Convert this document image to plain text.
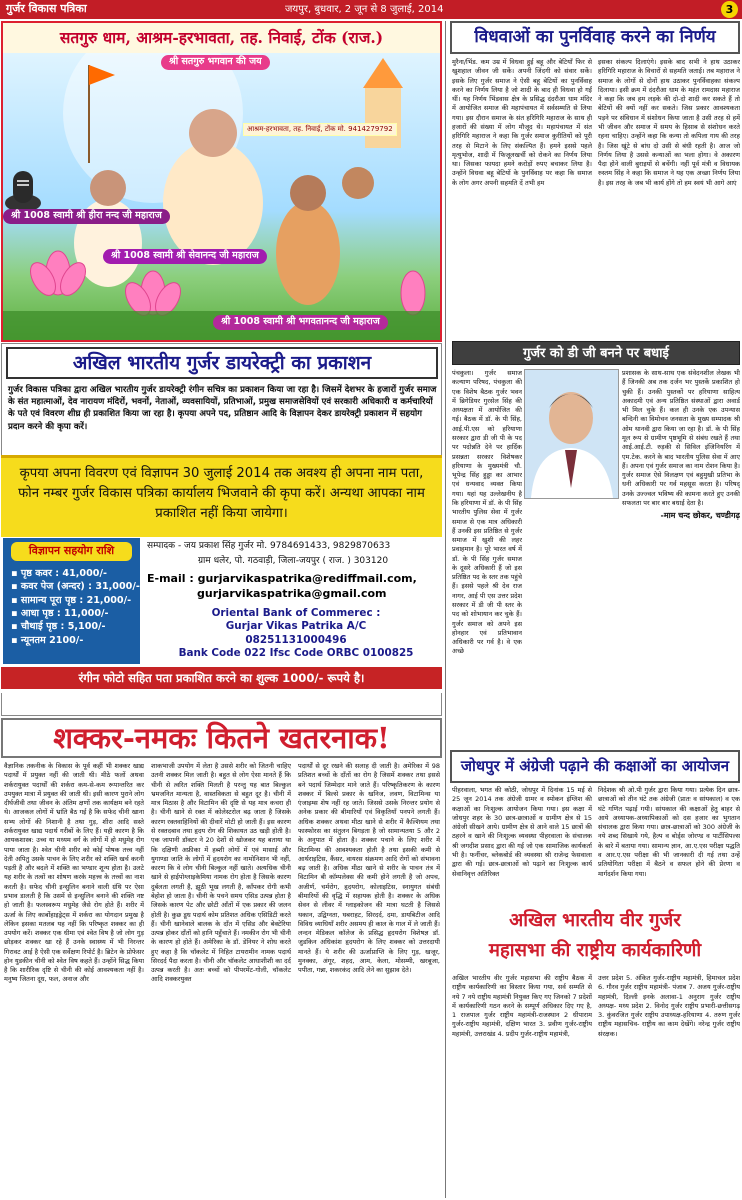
गुर्जर विकास पत्रिका	जयपुर, बुधवार, 2 जून से 8 जुलाई, 2014	3
सतगुरु धाम, आश्रम-हरभावता, तह. निवाई, टोंक (राज.)
श्री सतगुरु भगवान की जय
आश्रम-हरभावता, तह. निवाई, टोंक मो. 9414279792
श्री 1008 स्वामी श्री हीरा नन्द जी महाराज
श्री 1008 स्वामी श्री सेवानन्द जी महाराज
श्री 1008 स्वामी श्री भगवतानन्द जी महाराज
अखिल भारतीय गुर्जर डायरेक्ट्री का प्रकाशन
गुर्जर विकास पत्रिका द्वारा अखिल भारतीय गुर्जर डायरेक्ट्री रंगीन सचित्र का प्रकाशन किया जा रहा है। जिसमें देशभर के हजारों गुर्जर समाज के संत महात्माओं, देव नारायण मंदिरों, भवनों, नेताओं, व्यवसायियों, प्रतिभाओं, प्रमुख समाजसेवियों एवं सरकारी अधिकारी व कर्मचारियों के पते एवं विवरण शीघ्र ही प्रकाशित किया जा रहा है। कृपया अपने पद, प्रतिष्ठान आदि के विज्ञापन देकर डायरेक्ट्री प्रकाशन में सहयोग प्रदान करने की कृपा करें।
कृपया अपना विवरण एवं विज्ञापन 30 जुलाई 2014 तक अवश्य ही अपना नाम पता, फोन नम्बर गुर्जर विकास पत्रिका कार्यालय भिजवाने की कृपा करें। अन्यथा आपका नाम प्रकाशित नहीं किया जायेगा।
विज्ञापन सहयोग राशि
▪ पृष्ठ कवर : 41,000/-
▪ कवर पेज (अन्दर) : 31,000/-
▪ सामान्य पूरा पृष्ठ : 21,000/-
▪ आधा पृष्ठ : 11,000/-
▪ चौथाई पृष्ठ : 5,100/-
▪ न्यूनतम 2100/-
सम्पादक - जय प्रकाश सिंह गुर्जर मो. 9784691433, 9829870633
ग्राम धलेर, पो. गठवाड़ी, जिला-जयपुर ( राज. ) 303120
E-mail : gurjarvikaspatrika@rediffmail.com,
gurjarvikaspatrika@gmail.com
Oriental Bank of Commerec :
Gurjar Vikas Patrika A/C 08251131000496
Bank Code 022 Ifsc Code ORBC 0100825
रंगीन फोटो सहित पता प्रकाशित करने का शुल्क 1000/- रूपये है।
शक्कर-नमकः कितने खतरनाक!
वैज्ञानिक तकनीक के विकास के पूर्व कहीं भी शक्कर खाद्य पदार्थों में प्रयुक्त नहीं की जाती थी। मीठे फलों अथवा शर्करायुक्त पदार्थों की शर्करा कम-से-कम रूपान्तरित कर उपयुक्त मात्रा में प्रयुक्त की जाती थी। इसी कारण पुराने लोग दीर्घजीवी तथा जीवन के अंतिम क्षणों तक कार्यक्षम बने रहते थे। आजकल लोगों में भ्रांति बैठ गई है कि सफेद चीनी खाना सभ्य लोगों की निशानी है तथा गुड़, शीरा आदि सस्ते शर्करायुक्त खाद्य पदार्थ गरीबों के लिए हैं। यही कारण है कि आयकशास्त्र: उच्च या मध्यम वर्ग के लोगों में हो मधुमेह रोग पाया जाता है। श्वेत चीनी शरीर को कोई पोषक तत्त्व नहीं देती अपितु उसके पाचन के लिए शरीर को शक्ति खर्च करनी पड़ती है और बदले में शक्ति का भण्डार शून्य होता है। उलटे यह शरीर के तत्वों का शोषण करके महत्त्व के तत्त्वों का नाश करती है। सफेद चीनी इन्सुलिन बनाने वाली ग्रंथि पर ऐसा प्रभाव डालती है कि उसमें से इन्सुलिन बनाने की शक्ति नष्ट हो जाती है। फलस्वरूप मधुमेह जैसे रोग होते हैं। शरीर में ऊर्जा के लिए कार्बोहाइड्रेट्स में शर्करा का योगदान प्रमुख है लेकिन इसका मतलब यह नहीं कि परिष्कृत शक्कर का ही उपयोग करें। शक्कर एक धीमा एवं श्वेत विष है जो लोग गुड़ छोड़कर शक्कर खा रहे हैं उनके स्वास्थ्य में भी निरन्तर गिरावट आई है ऐसी एक सर्वेक्षण रिपोर्ट है। ब्रिटेन के प्रोफेसर होन युडकीन चीनी को श्वेत विष कहते हैं। उन्होंने सिद्ध किया है कि शारीरिक दृष्टि से चीनी की कोई आवश्यकता नहीं है। मनुष्य जितना दूध, फल, अनाज और
शाकभाजी उपयोग में लेता है उससे शरीर को जितनी चाहिए उतनी शक्कर मिल जाती है। बहुत से लोग ऐसा मानते हैं कि चीनी से त्वरित शक्ति मिलती है परन्तु यह बात बिल्कुल भ्रमजनित मान्यता है, वास्तविकता से बहुत दूर है। चीनी में मात्र मिठास है और विटामिन की दृष्टि से यह मात्र कचरा ही है। चीनी खाने से रक्त में कोलेस्टरोल बढ़ जाता है जिसके कारण रक्तवाहिनियों की दीवारें मोटी हो जाती हैं। इस कारण से रक्तदबाव तथा हृदय रोग की शिकायत उठ खड़ी होती है। एक जापानी डॉक्टर ने 20 देशों से खोजकर यह बताया था कि दक्षिणी अफ्रीका में हब्शी लोगों में एवं मासाई और युगाण्डा जाति के लोगों में हृदयरोग का नामोनिशान भी नहीं, कारण कि वे लोग चीनी बिल्कुल नहीं खाते। अत्यधिक चीनी खाने से हाईपोग्लाइकेमिया नामक रोग होता है जिसके कारण दुर्बलता लगती है, झूठी भूख लगती है, काँपकर रोगी कभी बेहोश हो जाता है। चीनी के पचने समय एसिड उत्पन्न होता है जिसके कारण पेट और छोटी आँतों में एक प्रकार की जलन होती है। कुछ डूध पदार्थ कोम प्रतिशत अधिक एसिडिटी करते हैं। चीनी खानेवाले बालक के दाँत में एसिड और बेक्टेरिया उत्पन्न होकर दाँतों को हानि पहुँचाते हैं। नमकीन रोग भी चीनी के कारण हो होते हैं। अमेरिका के डॉ. डेनियर ने शोध करते हुए कहा है कि चॉकलेट में निहित टायरामीन नामक पदार्थ सिरदर्द पैदा करता है। चीनी और चॉकलेट आधाशीशी का दर्द उत्पन्न करती है। अतः बच्चों को पीपरमेंट-गोली, चॉकलेट आदि शक्करयुक्त
पदार्थों से दूर रखने की सलाह दी जाती है। अमेरिका में 98 प्रतिशत बच्चों के दाँतों का रोग है जिसमें शक्कर तथा इससे बने पदार्थ जिम्मेदार माने जाते हैं। परिष्कृतिकरण के कारण शक्कर में बिल्से प्रकार के खनिज, लवण, विटामिन्स या एंजाइम्स शेष नहीं रह जाते। जिससे उसके निरन्तर प्रयोग से अनेक प्रकार की बीमारियाँ एवं विकृतियाँ पनपने लगती हैं। अधिक शक्कर अथवा मीठा खाने से शरीर में कैल्शियम तथा फास्फोरस का संतुलन बिगड़ता है जो सामान्यतया 5 और 2 के अनुपात में होता है। शक्कर पचाने के लिए शरीर में विटामिन्स की आवश्यकता होती है तथा इसकी कमी से आर्थराइटिस, कैंसर, वायरस संक्रमण आदि रोगों को संभावना बढ़ जाती है। अधिक मीठा खाने से शरीर के पाचन तंत्र में विटामिन बी कॉम्पलेक्स की कमी होने लगती है जो अपच, अजीर्ण, चर्मरोग, हृदयरोग, कोलाइटिस, स्नायुगत संबंधी बीमारियों की वृद्धि में सहायक होती है। शक्कर के अधिक सेवन से लीवर में ग्लाइकोजन की मात्रा घटती है जिससे थकान, उद्विग्नता, घबराहट, सिरदर्द, दमा, डायबिटीज आदि विविध व्याधियाँ शरीर असमय ही काल के गाल में ले जाती हैं। लन्दन मेडिकल कॉलेज के प्रसिद्ध हृदयरोग विशेषज्ञ डॉ. जुडकिन अधिकांश हृदयरोग के लिए शक्कर को उत्तरदायी मानते हैं। ये शरीर की ऊर्जाप्राप्ति के लिए गुड़, खजूर, मुनक्का, अंगूर, शहद, आम, केला, मोसम्मी, खरबूजा, पपीता, गन्ना, शकरकंद आदि लेने का सुझाव देते।
विधवाओं का पुनर्विवाह करने का निर्णय
मुरैना/भिंड. कम उम्र में विधवा हुई बहू और बेटियाँ फिर से खुशहाल जीवन जी सकें। अपनी जिंदगी को संवार सकें। इसके लिए गुर्जर समाज ने ऐसी बहू बेटियों का पुनर्विवाह करने का निर्णय लिया है जो शादी के बाद ही विधवा हो गईं थीं। यह निर्णय भिंडवास क्षेत्र के प्रसिद्ध दंदरौआ धाम मंदिर में आयोजित समाज की महापंचायत में सर्वसम्मति से लिया गया। इस दौरान समाज के संत हरिगिरि महाराज के साथ ही हजारों की संख्या में लोग मौजूद थे। महापंचायत में संत हरिगिरि महाराज ने कहा कि गुर्जर समाज कुरीतियों को पूरी तरह से मिटाने के लिए संकल्पित हैं। हमने इससे पहले मृत्युभोज, शादी में फिजूलखर्ची को रोकने का निर्णय लिया था। जिसका फायदा हमने करोड़ों रुपए बचाकर लिया है। उन्होंने विधवा बहू बेटियों के पुनर्विवाह पर कहा कि समाज के लोग अगर अपनी सहमति दें तभी हम
इसका संकल्प दिलाएंगे। इसके बाद सभी ने हाथ उठाकर हरिगिरि महाराज के विचारों से सहमति जताई। तब महाराज ने समाज के लोगों से दोनों हाथ उठाकर पुनर्विवाहका संकल्प दिलाया। इसी क्रम में दंदरौआ धाम के महंत रामदास महाराज ने कहा कि जब हम लड़के की दो-दो शादी कर सकते हैं तो बेटियों की क्यों नहीं कर सकते। जिस प्रकार आवश्यकता पड़ने पर संविधान में संशोधन किया जाता है उसी तरह से हमें भी जीवन और समाज में समय के हिसाब से संशोधन करते रहना चाहिए। उन्होंने कहा कि कन्या तो कपिला गाय की तरह है। जिस खूंटे से बांध दो उसी से बंधी रहती है। आज जो निर्णय लिया है उससे कन्याओं का भला होगा। वे अकारण पैदा होने वाली बुराइयों से बचेंगी। नहीं पूर्व मंत्री व विधायक रुस्तम सिंह ने कहा कि समाज ने यह एक अच्छा निर्णय लिया है। इस तरह के जब भी कार्य होंगे तो हम स्वयं भी आगे आएं
गुर्जर को डी जी बनने पर बधाई
पंचकुला। गुर्जर समाज कल्याण परिषद, पंचकुला की एक विशेष बैठक गुर्जर भवन में ब्रिगेडियर गुरसेल सिंह की अध्यक्षता में आयोजित की गई। बैठक में डॉ. के पी सिंह, आई.पी.एस को हरियाणा सरकार द्वारा डी जी पी के पद पर पदोन्नति देने पर हार्दिक प्रसन्नता सरकार विशेषकर हरियाणा के मुख्यमंत्री चौ. भूपेन्द्र सिंह हुड्डा का आभार एवं धन्यवाद व्यक्त किया गया। यहां यह उल्लेखनीय है कि हरियाणा में डॉ. के पी सिंह भारतीय पुलिस सेवा में गुर्जर समाज से एक मात्र अधिकारी हैं उनकी इस प्रतिष्ठित से गुर्जर समाज में खुशी की लहर प्रवाहमान है। पूरे भारत वर्ष में डॉ. के पी सिंह गुर्जर समाज के दूसरे अधिकारी हैं जो इस प्रतिष्ठित पद के स्तर तक पहुंचे हैं। इससे पहले श्री देव राज नागर, आई पी एस उत्तर प्रदेश सरकार में डी जी पी स्तर के पद को शोभायान कर चुके हैं। गुर्जर समाज को अपने इस होनहार एवं प्रतिभावान अधिकारी पर गर्व है। वे एक अच्छे
प्रशासक के साथ-साथ एक संवेदनशील लेखक भी हैं जिनकी अब तक दर्जन भर पुस्तकें प्रकाशित हो चुकी हैं। उनकी पुस्तकों पर हरियाणा साहित्य अकादमी एवं अन्य प्रतिष्ठित संस्थाओं द्वारा अवार्ड भी मिल चुके हैं। कल ही उनके एक उपन्यास बन्दिनी का विमोचन जनसता के मुख्य सम्पादक श्री ओम थानवी द्वारा किया जा रहा है। डॉ. के पी सिंह मूल रूप से ग्रामीण पृष्ठभूमि से संबंध रखते हैं तथा आई.आई.टी. रुड़की से सिविल इंजिनियरिंग में एम.टेक. करने के बाद भारतीय पुलिस सेवा में आए हैं। अपना एवं गुर्जर समाज का नाम रोशन किया है। गुर्जर समाज ऐसे विलक्षण एवं बहुमुखी प्रतिभा के धनी अधिकारी पर गर्व महसूस करता है। परिषद् उनके उज्ज्वल भविष्य की कामना करते हुए उनकी सफलता पर बार बार बधाई देता है।
-माम चन्द छोकर, चण्डीगढ़
जोधपुर में अंग्रेजी पढ़ाने की कक्षाओं का आयोजन
पीहरवाला, भगत की कोठी, जोधपुर में दिनांक 15 मई से 25 जून 2014 तक अंग्रेजी ग्रामर व स्पोकन इंग्लिश की कक्षाओं का निःशुल्क आयोजन किया गया। इस कक्षा में जोधपुर शहर के 30 छात्र-छात्राओं व ग्रामीण क्षेत्र से 15 अंग्रेजी सीखने आये। ग्रामीण क्षेत्र से आने वाले 15 छात्रों की ठहरने व खाने की निःशुल्क व्यवस्था पीहरवाला के संचालक श्री जगदीश प्रसाद द्वारा की गई जो एक सामाजिक कार्यकर्ता भी है। फर्नीचर, ब्लेकबोर्ड की व्यवस्था श्री राजेन्द्र फेसवाला द्वारा की गई। छात्र-छात्राओं को पढ़ाने का निःशुल्क कार्य सेवानिवृत्त अतिरिक्त
निदेशक श्री ओ.पी गुर्जर द्वारा किया गया। प्रत्येक दिन छात्र-छात्राओं को तीन घंटे तक अंग्रेजी (प्रातः व सांयकाल) व एक घंटे गणित पढ़ाई गयी। सांयकाल की कक्षाओं हेतु बाहर से आये अध्यापक-अध्यापिकाओं को दस हजार का भुगतान संचालक द्वारा किया गया। छात्र-छात्राओं को 300 अंग्रेजी के नये शब्द सिखाये गये, हैल्प व बोर्ड्स जोरण्ड व पार्टीसिपल्स के बारे में बताया गया। सामान्य ज्ञान, आ.ए.एस परीक्षा पद्धति व आर.ए.एस परीक्षा की भी जानकारी दी गई तथा उन्हें प्रतियोगिता परीक्षा में बैठने व सफल होने की प्रेरणा व मार्गदर्शन किया गया।
अखिल भारतीय वीर गुर्जर
महासभा की राष्ट्रीय कार्यकारिणी
अखिल भारतीय वीर गुर्जर महासभा की राष्ट्रीय बैठक में राष्ट्रीय कार्यकारिणी का विस्तार किया गया, सर्व सम्मति से नये 7 नये राष्ट्रीय महामंत्री नियुक्त किए गए जिनको 7 प्रदेशों में कार्यकारिणी गठन करने के सम्पूर्ण अधिकार दिए गए है, 1 राजपाल गुर्जर राष्ट्रीय महामंत्री-राजस्थान 2 धीपाराम गुर्जर-राष्ट्रीय महामंत्री, दक्षिण भारत 3. प्रवीण गुर्जर-राष्ट्रीय महामंत्री, उत्तराखंड 4. प्रदीप गुर्जर-राष्ट्रीय महामंत्री,
उत्तर प्रदेश 5. अंकित गुर्जर-राष्ट्रीय महामंत्री, हिमाचल प्रदेश 6. गौरव गुर्जर राष्ट्रीय महामंत्री- पंजाब 7. अजय गुर्जर-राष्ट्रीय महामंत्री, दिल्ली इनके अलावा-1 अनुराग गुर्जर राष्ट्रीय अध्यक्ष- मध्य प्रदेश 2. विनोद गुर्जर राष्ट्रीय प्रभारी-छत्तीसगढ़ 3. कुंवरजित गुर्जर राष्ट्रीय उपाध्यक्ष-हरियाणा 4. तरुण गुर्जर राष्ट्रीय महासचिव- राष्ट्रीय का काम देखेंगे। नरेन्द्र गुर्जर राष्ट्रीय संरक्षक।
